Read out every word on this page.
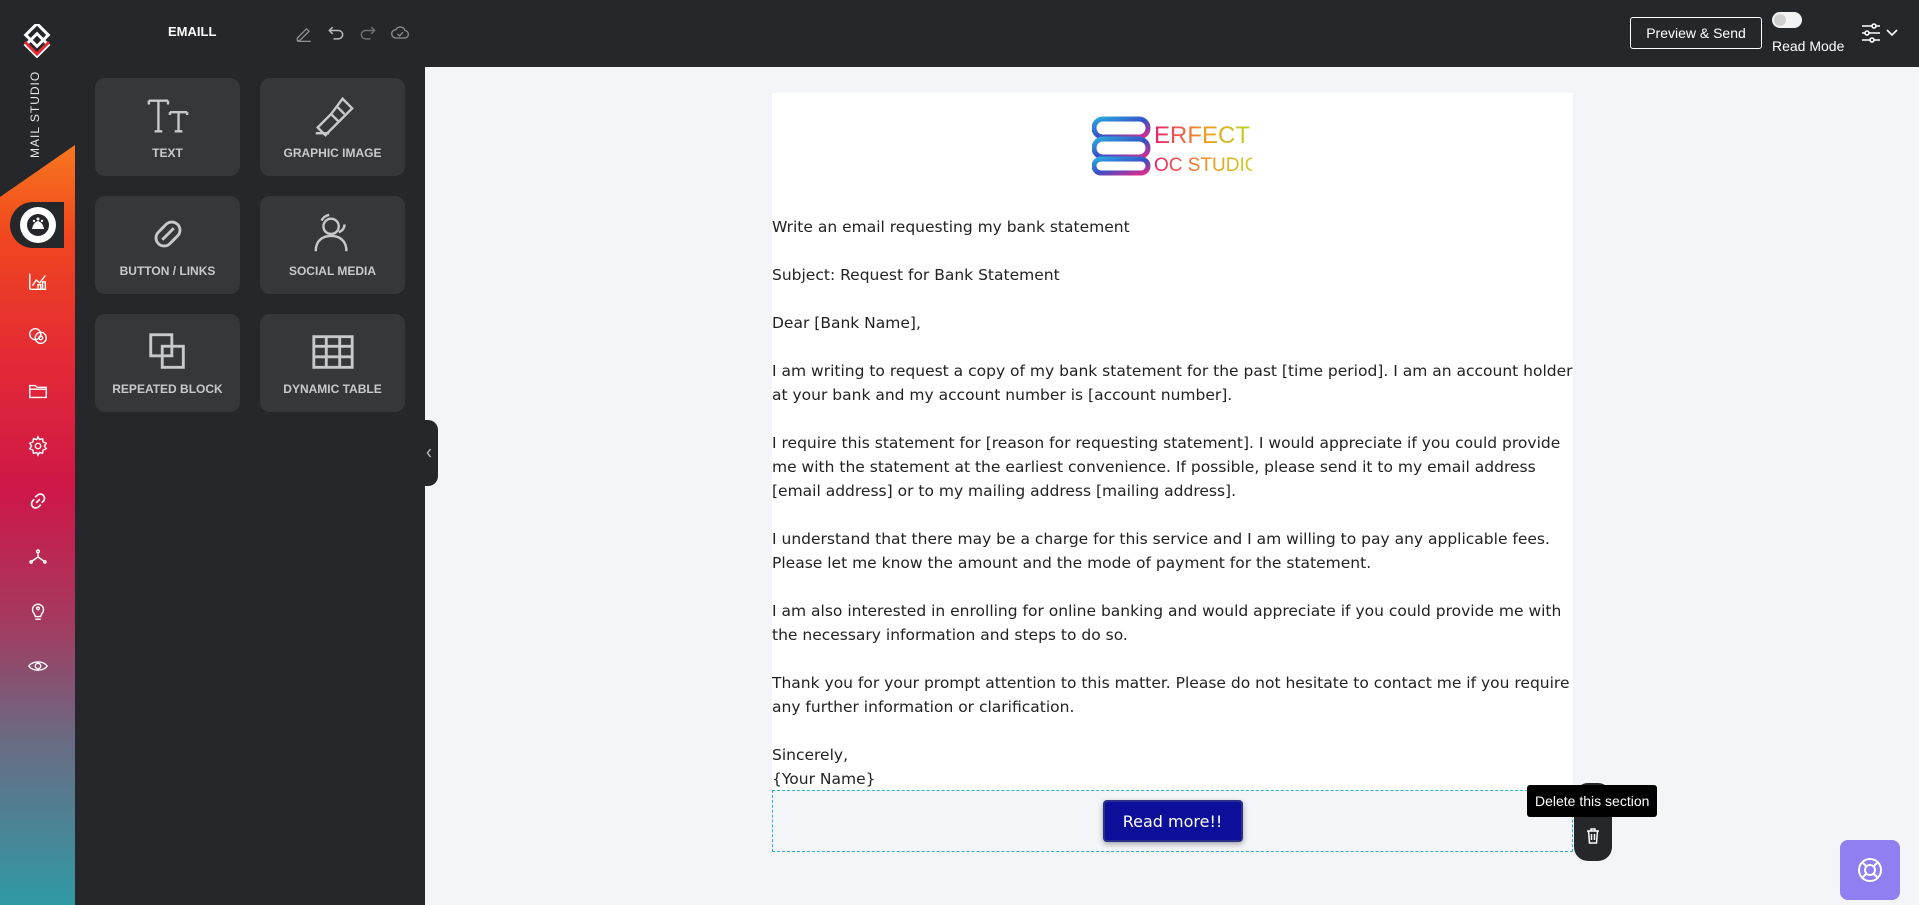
MAIL STUDIO
EMAILL	Preview & Send
Read Mode
TEXT	GRAPHIC IMAGE
BUTTON / LINKS	SOCIAL MEDIA
REPEATED BLOCK	DYNAMIC TABLE
ERFECT
OC STUDIO

Write an email requesting my bank statement

Subject: Request for Bank Statement

Dear [Bank Name],

I am writing to request a copy of my bank statement for the past [time period]. I am an account holder at your bank and my account number is [account number].

I require this statement for [reason for requesting statement]. I would appreciate if you could provide me with the statement at the earliest convenience. If possible, please send it to my email address [email address] or to my mailing address [mailing address].

I understand that there may be a charge for this service and I am willing to pay any applicable fees. Please let me know the amount and the mode of payment for the statement.

I am also interested in enrolling for online banking and would appreciate if you could provide me with the necessary information and steps to do so.

Thank you for your prompt attention to this matter. Please do not hesitate to contact me if you require any further information or clarification.

Sincerely,

{Your Name}

Read more!!
Delete this section
